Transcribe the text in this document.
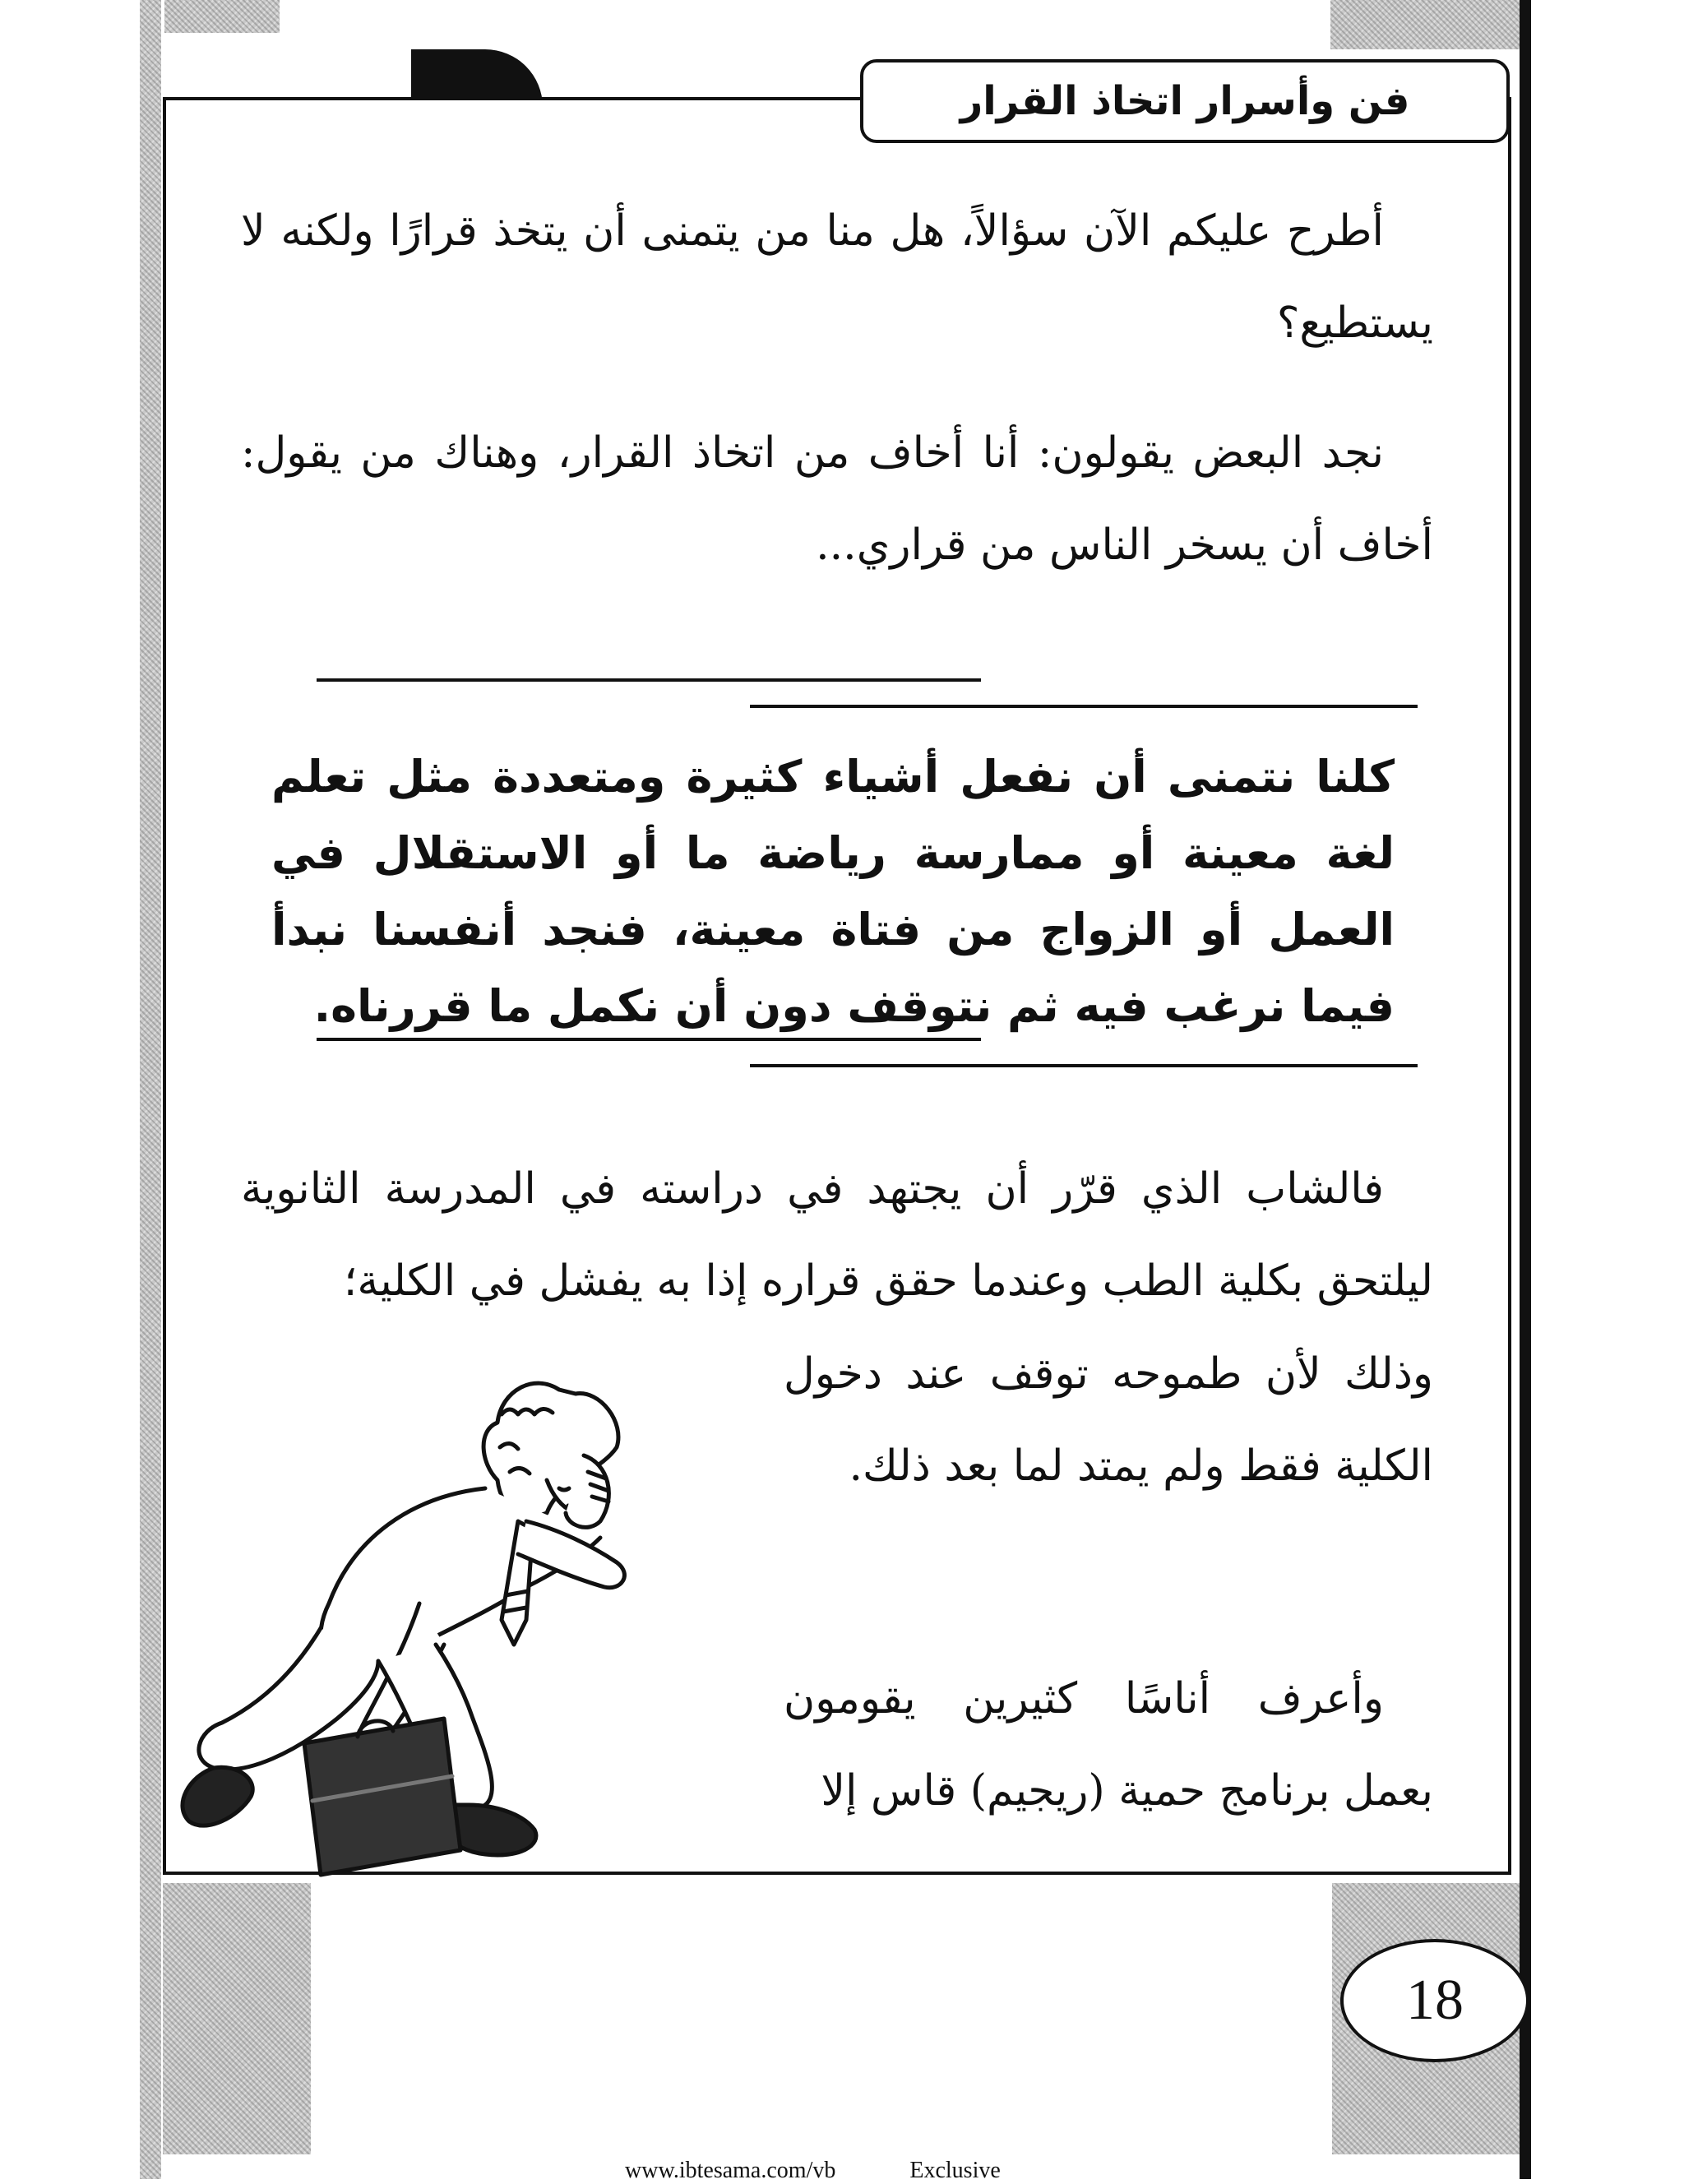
فن وأسرار اتخاذ القرار
أطرح عليكم الآن سؤالاً، هل منا من يتمنى أن يتخذ قرارًا ولكنه لا يستطيع؟
نجد البعض يقولون: أنا أخاف من اتخاذ القرار، وهناك من يقول: أخاف أن يسخر الناس من قراري...
كلنا نتمنى أن نفعل أشياء كثيرة ومتعددة مثل تعلم لغة معينة أو ممارسة رياضة ما أو الاستقلال في العمل أو الزواج من فتاة معينة، فنجد أنفسنا نبدأ فيما نرغب فيه ثم نتوقف دون أن نكمل ما قررناه.
فالشاب الذي قرّر أن يجتهد في دراسته في المدرسة الثانوية ليلتحق بكلية الطب وعندما حقق قراره إذا به يفشل في الكلية؛
وذلك لأن طموحه توقف عند دخول الكلية فقط ولم يمتد لما بعد ذلك.
وأعرف أناسًا كثيرين يقومون بعمل برنامج حمية (ريجيم) قاس إلا
18
www.ibtesama.com/vb	Exclusive
